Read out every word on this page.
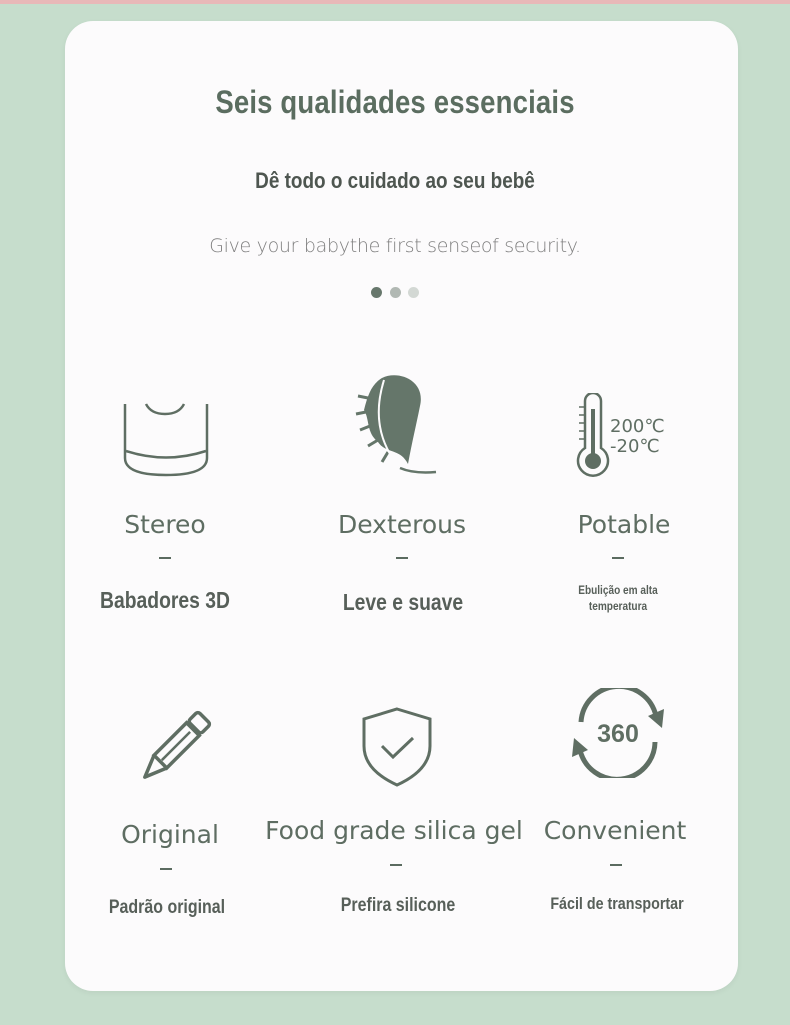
Seis qualidades essenciais
Dê todo o cuidado ao seu bebê
Give your babythe first senseof security.
Stereo
Babadores 3D
Dexterous
Leve e suave
200℃
-20℃
Potable
Ebulição em alta temperatura
Original
Padrão original
Food grade silica gel
Prefira silicone
360
Convenient
Fácil de transportar
